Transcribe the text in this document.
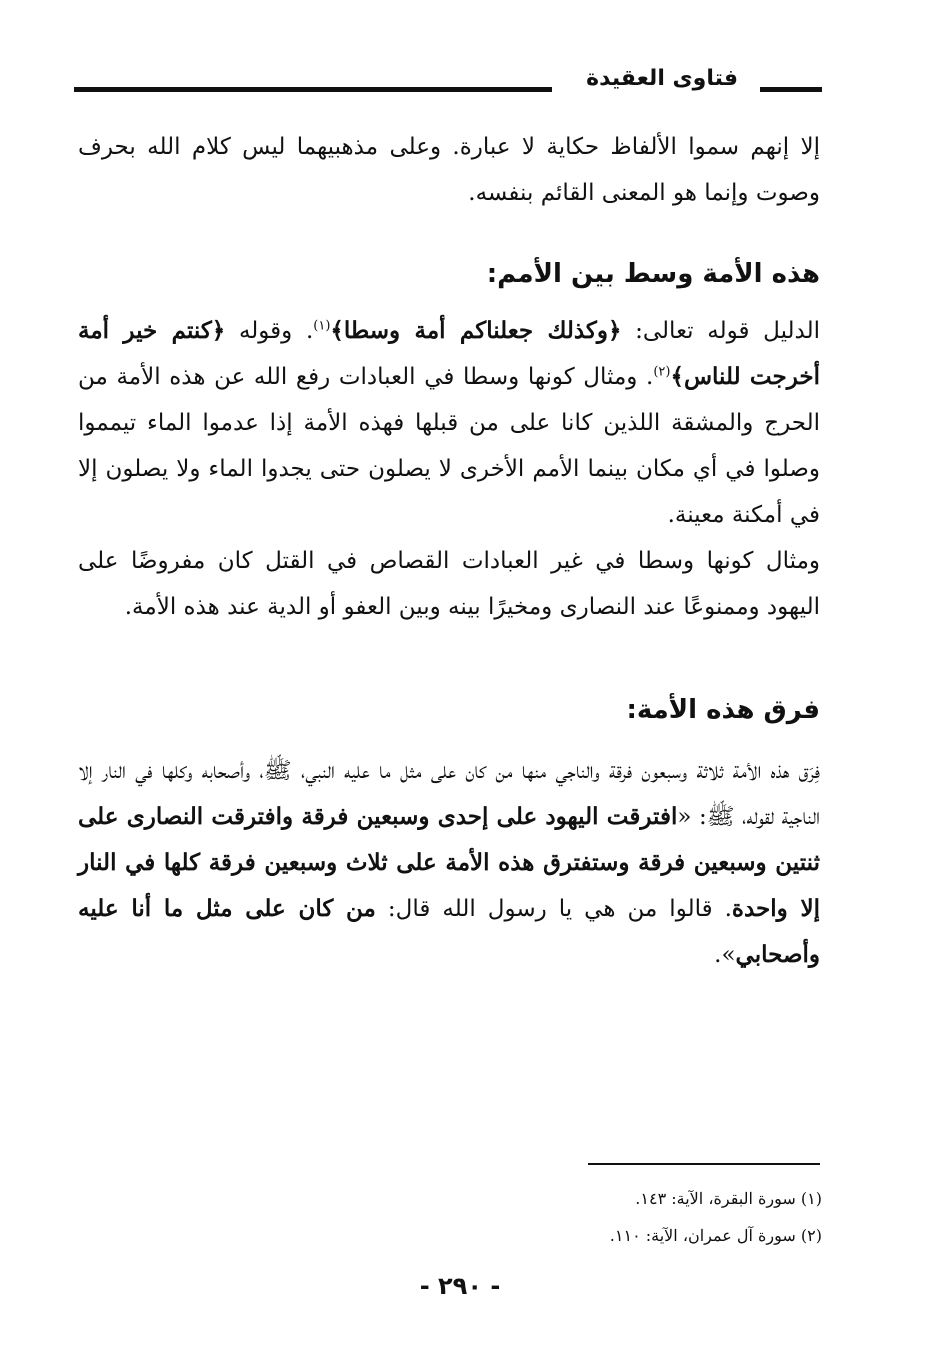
فتاوى العقيدة

إلا إنهم سموا الألفاظ حكاية لا عبارة. وعلى مذهبيهما ليس كلام الله بحرف وصوت وإنما هو المعنى القائم بنفسه.

هذه الأمة وسط بين الأمم:

الدليل قوله تعالى: ﴿وكذلك جعلناكم أمة وسطا﴾$^{(١)}$. وقوله ﴿كنتم خير أمة أخرجت للناس﴾$^{(٢)}$. ومثال كونها وسطا في العبادات رفع الله عن هذه الأمة من الحرج والمشقة اللذين كانا على من قبلها فهذه الأمة إذا عدموا الماء تيمموا وصلوا في أي مكان بينما الأمم الأخرى لا يصلون حتى يجدوا الماء ولا يصلون إلا في أمكنة معينة.

ومثال كونها وسطا في غير العبادات القصاص في القتل كان مفروضًا على اليهود وممنوعًا عند النصارى ومخيرًا بينه وبين العفو أو الدية عند هذه الأمة.

فرق هذه الأمة:

فِرَق هذه الأمة ثلاثة وسبعون فرقة والناجي منها من كان على مثل ما عليه النبي، ﷺ، وأصحابه وكلها في النار إلا الناجية لقوله، ﷺ: «افترقت اليهود على إحدى وسبعين فرقة وافترقت النصارى على ثنتين وسبعين فرقة وستفترق هذه الأمة على ثلاث وسبعين فرقة كلها في النار إلا واحدة. قالوا من هي يا رسول الله قال: من كان على مثل ما أنا عليه وأصحابي».

(١) سورة البقرة، الآية: ١٤٣.

(٢) سورة آل عمران، الآية: ١١٠.

- ٢٩٠ -
